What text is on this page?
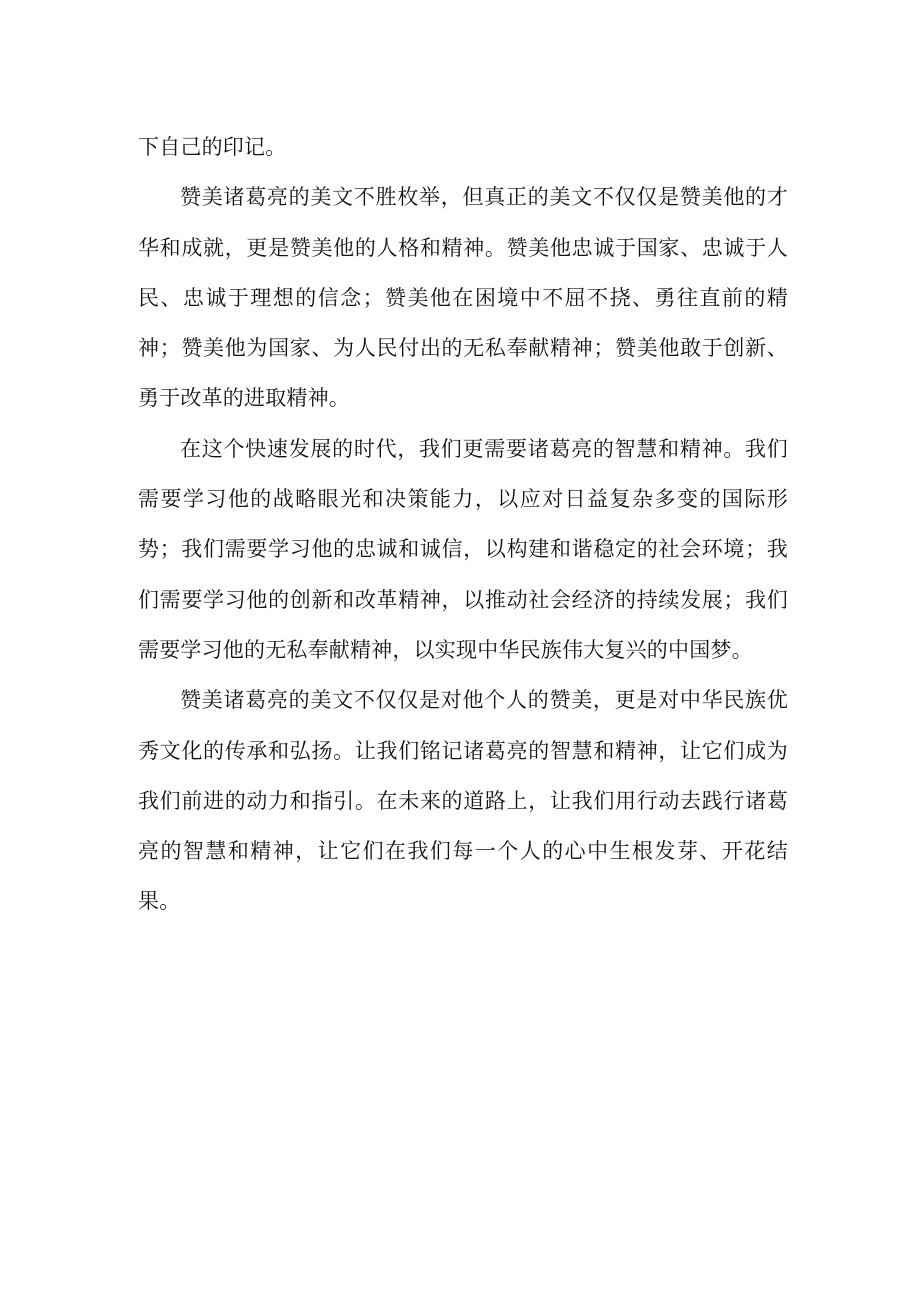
下自己的印记。

赞美诸葛亮的美文不胜枚举，但真正的美文不仅仅是赞美他的才华和成就，更是赞美他的人格和精神。赞美他忠诚于国家、忠诚于人民、忠诚于理想的信念；赞美他在困境中不屈不挠、勇往直前的精神；赞美他为国家、为人民付出的无私奉献精神；赞美他敢于创新、勇于改革的进取精神。

在这个快速发展的时代，我们更需要诸葛亮的智慧和精神。我们需要学习他的战略眼光和决策能力，以应对日益复杂多变的国际形势；我们需要学习他的忠诚和诚信，以构建和谐稳定的社会环境；我们需要学习他的创新和改革精神，以推动社会经济的持续发展；我们需要学习他的无私奉献精神，以实现中华民族伟大复兴的中国梦。

赞美诸葛亮的美文不仅仅是对他个人的赞美，更是对中华民族优秀文化的传承和弘扬。让我们铭记诸葛亮的智慧和精神，让它们成为我们前进的动力和指引。在未来的道路上，让我们用行动去践行诸葛亮的智慧和精神，让它们在我们每一个人的心中生根发芽、开花结果。
